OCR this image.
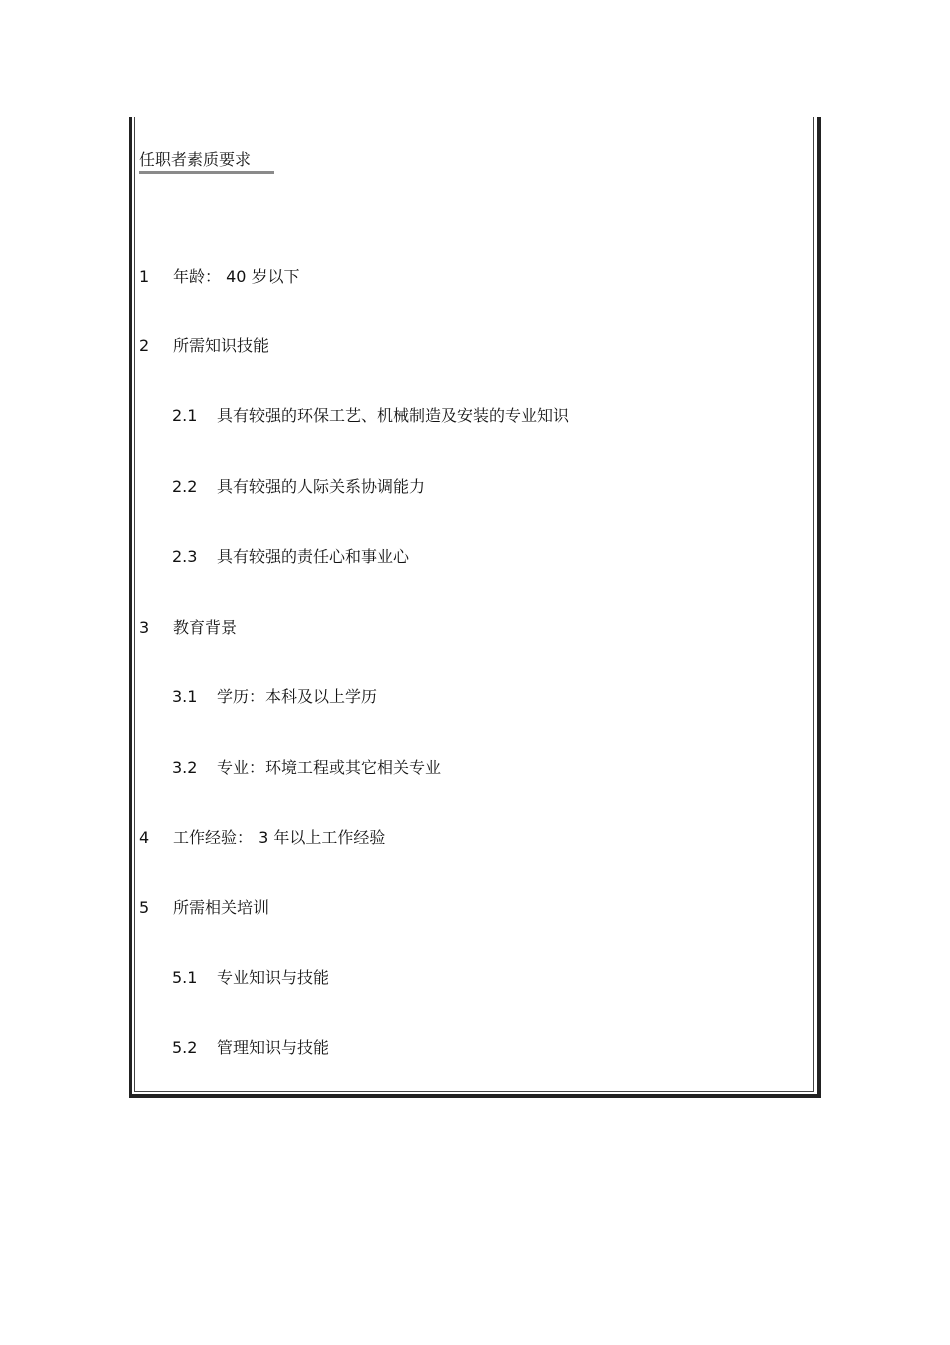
任职者素质要求
1 年龄： 40 岁以下
2 所需知识技能
2.1 具有较强的环保工艺、机械制造及安装的专业知识
2.2 具有较强的人际关系协调能力
2.3 具有较强的责任心和事业心
3 教育背景
3.1 学历：本科及以上学历
3.2 专业：环境工程或其它相关专业
4 工作经验： 3 年以上工作经验
5 所需相关培训
5.1 专业知识与技能
5.2 管理知识与技能
